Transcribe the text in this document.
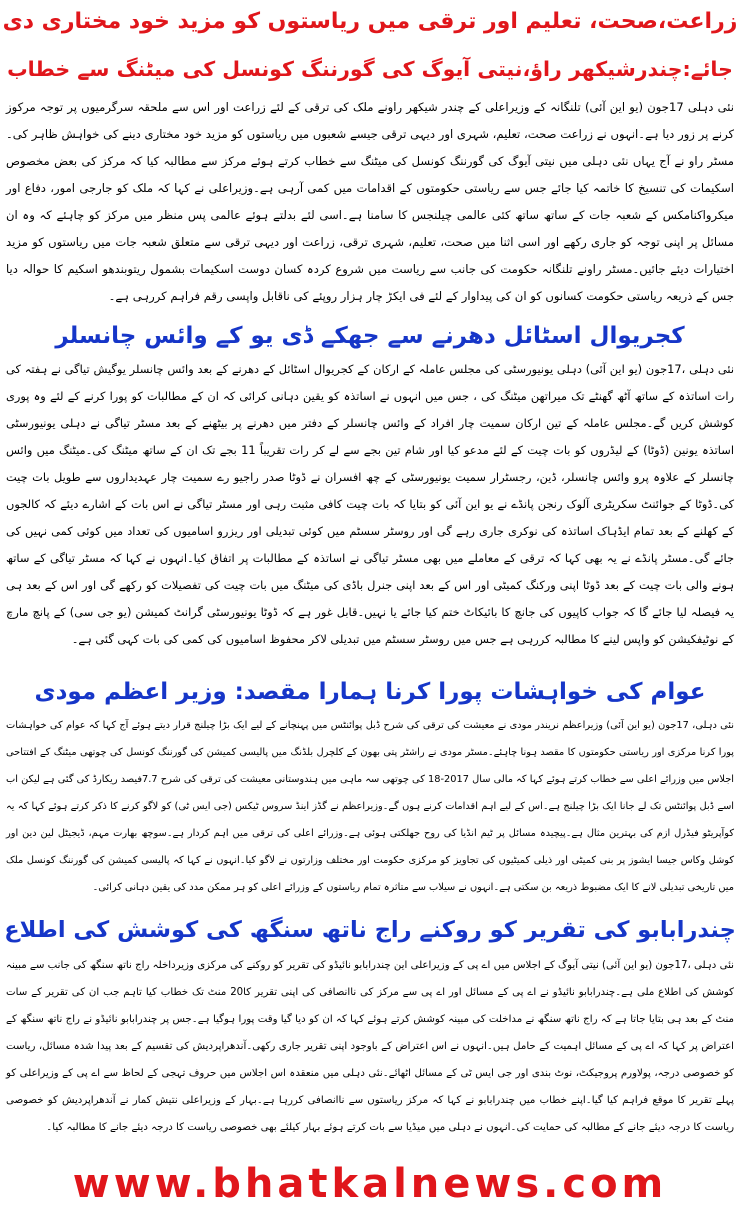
زراعت،صحت، تعلیم اور ترقی میں ریاستوں کو مزید خود مختاری دی
جائے:چندرشیکھر راؤ،نیتی آیوگ کی گورننگ کونسل کی میٹنگ سے خطاب
نئی دہلی 17جون (یو این آئی) تلنگانہ کے وزیراعلی کے چندر شیکھر راونے ملک کی ترقی کے لئے زراعت اور اس سے ملحقہ سرگرمیوں پر توجہ مرکوز کرنے پر زور دیا ہے۔انہوں نے زراعت صحت، تعلیم، شہری اور دیہی ترقی جیسے شعبوں میں ریاستوں کو مزید خود مختاری دینے کی خواہش ظاہر کی۔مسٹر راو نے آج یہاں نئی دہلی میں نیتی آیوگ کی گورننگ کونسل کی میٹنگ سے خطاب کرتے ہوئے مرکز سے مطالبہ کیا کہ مرکز کی بعض مخصوص اسکیمات کی تنسیخ کا خاتمہ کیا جائے جس سے ریاستی حکومتوں کے اقدامات میں کمی آرہی ہے۔وزیراعلی نے کہا کہ ملک کو جارجی امور، دفاع اور میکرواکنامکس کے شعبہ جات کے ساتھ ساتھ کئی عالمی چیلنجس کا سامنا ہے۔اسی لئے بدلتے ہوئے عالمی پس منظر میں مرکز کو چاہئے کہ وہ ان مسائل پر اپنی توجہ کو جاری رکھے اور اسی اثنا میں صحت، تعلیم، شہری ترقی، زراعت اور دیہی ترقی سے متعلق شعبہ جات میں ریاستوں کو مزید اختیارات دیئے جائیں۔مسٹر راونے تلنگانہ حکومت کی جانب سے ریاست میں شروع کردہ کسان دوست اسکیمات بشمول ریتوبندھو اسکیم کا حوالہ دیا جس کے ذریعہ ریاستی حکومت کسانوں کو ان کی پیداوار کے لئے فی ایکڑ چار ہزار روپئے کی ناقابل واپسی رقم فراہم کررہی ہے۔
کجریوال اسٹائل دھرنے سے جھکے ڈی یو کے وائس چانسلر
نئی دہلی ،17جون (یو این آئی) دہلی یونیورسٹی کی مجلس عاملہ کے ارکان کے کجریوال اسٹائل کے دھرنے کے بعد وائس چانسلر یوگیش تیاگی نے ہفتہ کی رات اساتذہ کے ساتھ آٹھ گھنٹے تک میراتھن میٹنگ کی ، جس میں انہوں نے اساتذہ کو یقین دہانی کرائی کہ ان کے مطالبات کو پورا کرنے کے لئے وہ پوری کوشش کریں گے۔مجلس عاملہ کے تین ارکان سمیت چار افراد کے وائس چانسلر کے دفتر میں دھرنے پر بیٹھنے کے بعد مسٹر تیاگی نے دہلی یونیورسٹی اساتذہ یونین (ڈوٹا) کے لیڈروں کو بات چیت کے لئے مدعو کیا اور شام تین بجے سے لے کر رات تقریباً 11 بجے تک ان کے ساتھ میٹنگ کی۔میٹنگ میں وائس چانسلر کے علاوہ پرو وائس چانسلر، ڈین، رجسٹرار سمیت یونیورسٹی کے چھ افسران نے ڈوٹا صدر راجیو رے سمیت چار عہدیداروں سے طویل بات چیت کی۔ڈوٹا کے جوائنٹ سکریٹری آلوک رنجن پانڈے نے یو این آئی کو بتایا کہ بات چیت کافی مثبت رہی اور مسٹر تیاگی نے اس بات کے اشارے دیئے کہ کالجوں کے کھلنے کے بعد تمام ایڈہاک اساتذہ کی نوکری جاری رہے گی اور روسٹر سسٹم میں کوئی تبدیلی اور ریزرو اسامیوں کی تعداد میں کوئی کمی نہیں کی جائے گی۔مسٹر پانڈے نے یہ بھی کہا کہ ترقی کے معاملے میں بھی مسٹر تیاگی نے اساتذہ کے مطالبات پر اتفاق کیا۔انہوں نے کہا کہ مسٹر تیاگی کے ساتھ ہونے والی بات چیت کے بعد ڈوٹا اپنی ورکنگ کمیٹی اور اس کے بعد اپنی جنرل باڈی کی میٹنگ میں بات چیت کی تفصیلات کو رکھے گی اور اس کے بعد ہی یہ فیصلہ لیا جائے گا کہ جواب کاپیوں کی جانچ کا بائیکاٹ ختم کیا جائے یا نہیں۔قابل غور ہے کہ ڈوٹا یونیورسٹی گرانٹ کمیشن (یو جی سی) کے پانچ مارچ کے نوٹیفکیشن کو واپس لینے کا مطالبہ کررہی ہے جس میں روسٹر سسٹم میں تبدیلی لاکر محفوظ اسامیوں کی کمی کی بات کہی گئی ہے۔
عوام کی خواہشات پورا کرنا ہمارا مقصد: وزیر اعظم مودی
نئی دہلی، 17جون (یو این آئی) وزیراعظم نریندر مودی نے معیشت کی ترقی کی شرح ڈبل پوائنٹس میں پہنچانے کے لیے ایک بڑا چیلنج قرار دیتے ہوئے آج کہا کہ عوام کی خواہشات پورا کرنا مرکزی اور ریاستی حکومتوں کا مقصد ہونا چاہئے۔مسٹر مودی نے راشٹر پتی بھون کے کلچرل بلڈنگ میں پالیسی کمیشن کی گورننگ کونسل کی چوتھی میٹنگ کے افتتاحی اجلاس میں وزرائے اعلی سے خطاب کرتے ہوئے کہا کہ مالی سال 2017-18 کی چوتھی سہ ماہی میں ہندوستانی معیشت کی ترقی کی شرح 7.7فیصد ریکارڈ کی گئی ہے لیکن اب اسے ڈبل پوائنٹس تک لے جانا ایک بڑا چیلنج ہے۔اس کے لیے اہم اقدامات کرنے ہوں گے۔وزیراعظم نے گڈز اینڈ سروس ٹیکس (جی ایس ٹی) کو لاگو کرنے کا ذکر کرتے ہوئے کہا کہ یہ کوآپریٹو فیڈرل ازم کی بہترین مثال ہے۔پیچیدہ مسائل پر ٹیم انڈیا کی روح جھلکتی ہوئی ہے۔وزرائے اعلی کی ترقی میں اہم کردار ہے۔سوچھ بھارت مہم، ڈیجیٹل لین دین اور کوشل وکاس جیسا ایشوز پر بنی کمیٹی اور ذیلی کمیٹیوں کی تجاویز کو مرکزی حکومت اور مختلف وزارتوں نے لاگو کیا۔انہوں نے کہا کہ پالیسی کمیشن کی گورننگ کونسل ملک میں تاریخی تبدیلی لانے کا ایک مضبوط ذریعہ بن سکتی ہے۔انہوں نے سیلاب سے متاثرہ تمام ریاستوں کے وزرائے اعلی کو ہر ممکن مدد کی یقین دہانی کرائی۔
چندرابابو کی تقریر کو روکنے راج ناتھ سنگھ کی کوشش کی اطلاع
نئی دہلی ،17جون (یو این آئی) نیتی آیوگ کے اجلاس میں اے پی کے وزیراعلی این چندرابابو نائیڈو کی تقریر کو روکنے کی مرکزی وزیرداخلہ راج ناتھ سنگھ کی جانب سے مبینہ کوشش کی اطلاع ملی ہے۔چندرابابو نائیڈو نے اے پی کے مسائل اور اے پی سے مرکز کی ناانصافی کی اپنی تقریر کا20 منٹ تک خطاب کیا تاہم جب ان کی تقریر کے سات منٹ کے بعد ہی بتایا جاتا ہے کہ راج ناتھ سنگھ نے مداخلت کی مبینہ کوشش کرتے ہوئے کہا کہ ان کو دیا گیا وقت پورا ہوگیا ہے۔جس پر چندرابابو نائیڈو نے راج ناتھ سنگھ کے اعتراض پر کہا کہ اے پی کے مسائل اہمیت کے حامل ہیں۔انہوں نے اس اعتراض کے باوجود اپنی تقریر جاری رکھی۔آندھراپردیش کی تقسیم کے بعد پیدا شدہ مسائل، ریاست کو خصوصی درجہ، پولاورم پروجیکٹ، نوٹ بندی اور جی ایس ٹی کے مسائل اٹھائے۔نئی دہلی میں منعقدہ اس اجلاس میں حروف تہجی کے لحاظ سے اے پی کے وزیراعلی کو پہلے تقریر کا موقع فراہم کیا گیا۔اپنے خطاب میں چندرابابو نے کہا کہ مرکز ریاستوں سے ناانصافی کررہا ہے۔بہار کے وزیراعلی نتیش کمار نے آندھراپردیش کو خصوصی ریاست کا درجہ دیئے جانے کے مطالبہ کی حمایت کی۔انہوں نے دہلی میں میڈیا سے بات کرتے ہوئے بہار کیلئے بھی خصوصی ریاست کا درجہ دیئے جانے کا مطالبہ کیا۔
www.bhatkalnews.com
